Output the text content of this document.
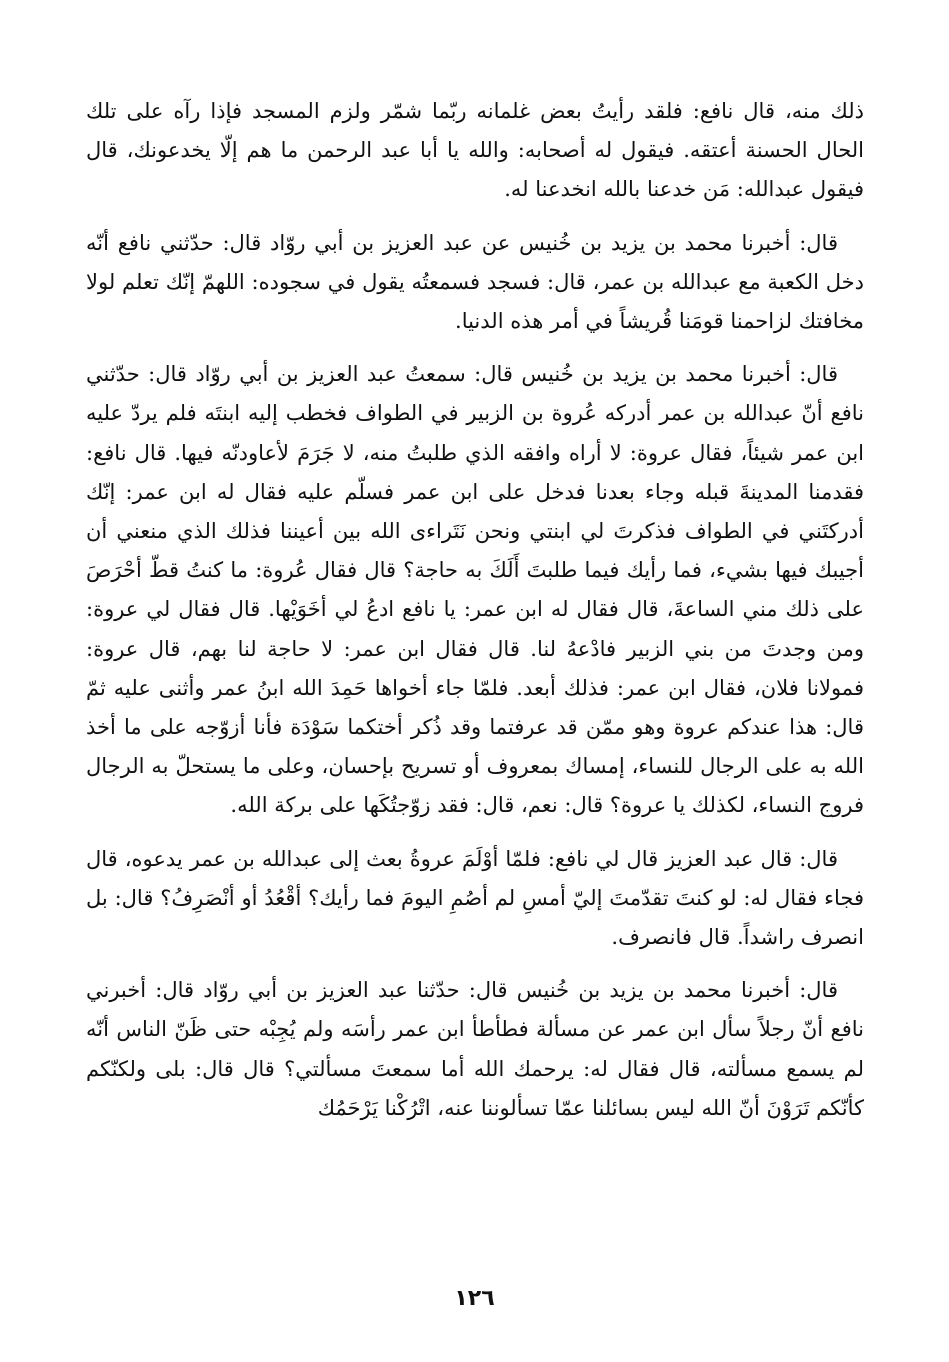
ذلك منه، قال نافع: فلقد رأيتُ بعض غلمانه ربّما شمّر ولزم المسجد فإذا رآه على تلك الحال الحسنة أعتقه. فيقول له أصحابه: والله يا أبا عبد الرحمن ما هم إلّا يخدعونك، قال فيقول عبدالله: مَن خدعنا بالله انخدعنا له.

قال: أخبرنا محمد بن يزيد بن خُنيس عن عبد العزيز بن أبي روّاد قال: حدّثني نافع أنّه دخل الكعبة مع عبدالله بن عمر، قال: فسجد فسمعتُه يقول في سجوده: اللهمّ إنّك تعلم لولا مخافتك لزاحمنا قومَنا قُريشاً في أمر هذه الدنيا.

قال: أخبرنا محمد بن يزيد بن خُنيس قال: سمعتُ عبد العزيز بن أبي روّاد قال: حدّثني نافع أنّ عبدالله بن عمر أدركه عُروة بن الزبير في الطواف فخطب إليه ابنتَه فلم يردّ عليه ابن عمر شيئاً، فقال عروة: لا أراه وافقه الذي طلبتُ منه، لا جَرَمَ لأعاودنّه فيها. قال نافع: فقدمنا المدينةَ قبله وجاء بعدنا فدخل على ابن عمر فسلّم عليه فقال له ابن عمر: إنّك أدركتَني في الطواف فذكرتَ لي ابنتي ونحن نَتَراءى الله بين أعيننا فذلك الذي منعني أن أجيبك فيها بشيء، فما رأيك فيما طلبتَ أَلَكَ به حاجة؟ قال فقال عُروة: ما كنتُ قطّ أحْرَصَ على ذلك مني الساعةَ، قال فقال له ابن عمر: يا نافع ادعُ لي أخَوَيْها. قال فقال لي عروة: ومن وجدتَ من بني الزبير فادْعهُ لنا. قال فقال ابن عمر: لا حاجة لنا بهم، قال عروة: فمولانا فلان، فقال ابن عمر: فذلك أبعد. فلمّا جاء أخواها حَمِدَ الله ابنُ عمر وأثنى عليه ثمّ قال: هذا عندكم عروة وهو ممّن قد عرفتما وقد ذُكر أختكما سَوْدَة فأنا أزوّجه على ما أخذ الله به على الرجال للنساء، إمساك بمعروف أو تسريح بإحسان، وعلى ما يستحلّ به الرجال فروج النساء، لكذلك يا عروة؟ قال: نعم، قال: فقد زوّجتُكَها على بركة الله.

قال: قال عبد العزيز قال لي نافع: فلمّا أوْلَمَ عروةُ بعث إلى عبدالله بن عمر يدعوه، قال فجاء فقال له: لو كنتَ تقدّمتَ إليّ أمسِ لم أصُمِ اليومَ فما رأيك؟ أقْعُدُ أو أنْصَرِفُ؟ قال: بل انصرف راشداً. قال فانصرف.

قال: أخبرنا محمد بن يزيد بن خُنيس قال: حدّثنا عبد العزيز بن أبي روّاد قال: أخبرني نافع أنّ رجلاً سأل ابن عمر عن مسألة فطأطأ ابن عمر رأسَه ولم يُجِبْه حتى ظَنّ الناس أنّه لم يسمع مسألته، قال فقال له: يرحمك الله أما سمعتَ مسألتي؟ قال قال: بلى ولكنّكم كأنّكم تَرَوْنَ أنّ الله ليس بسائلنا عمّا تسألوننا عنه، اتْرُكْنا يَرْحَمُك

١٢٦
